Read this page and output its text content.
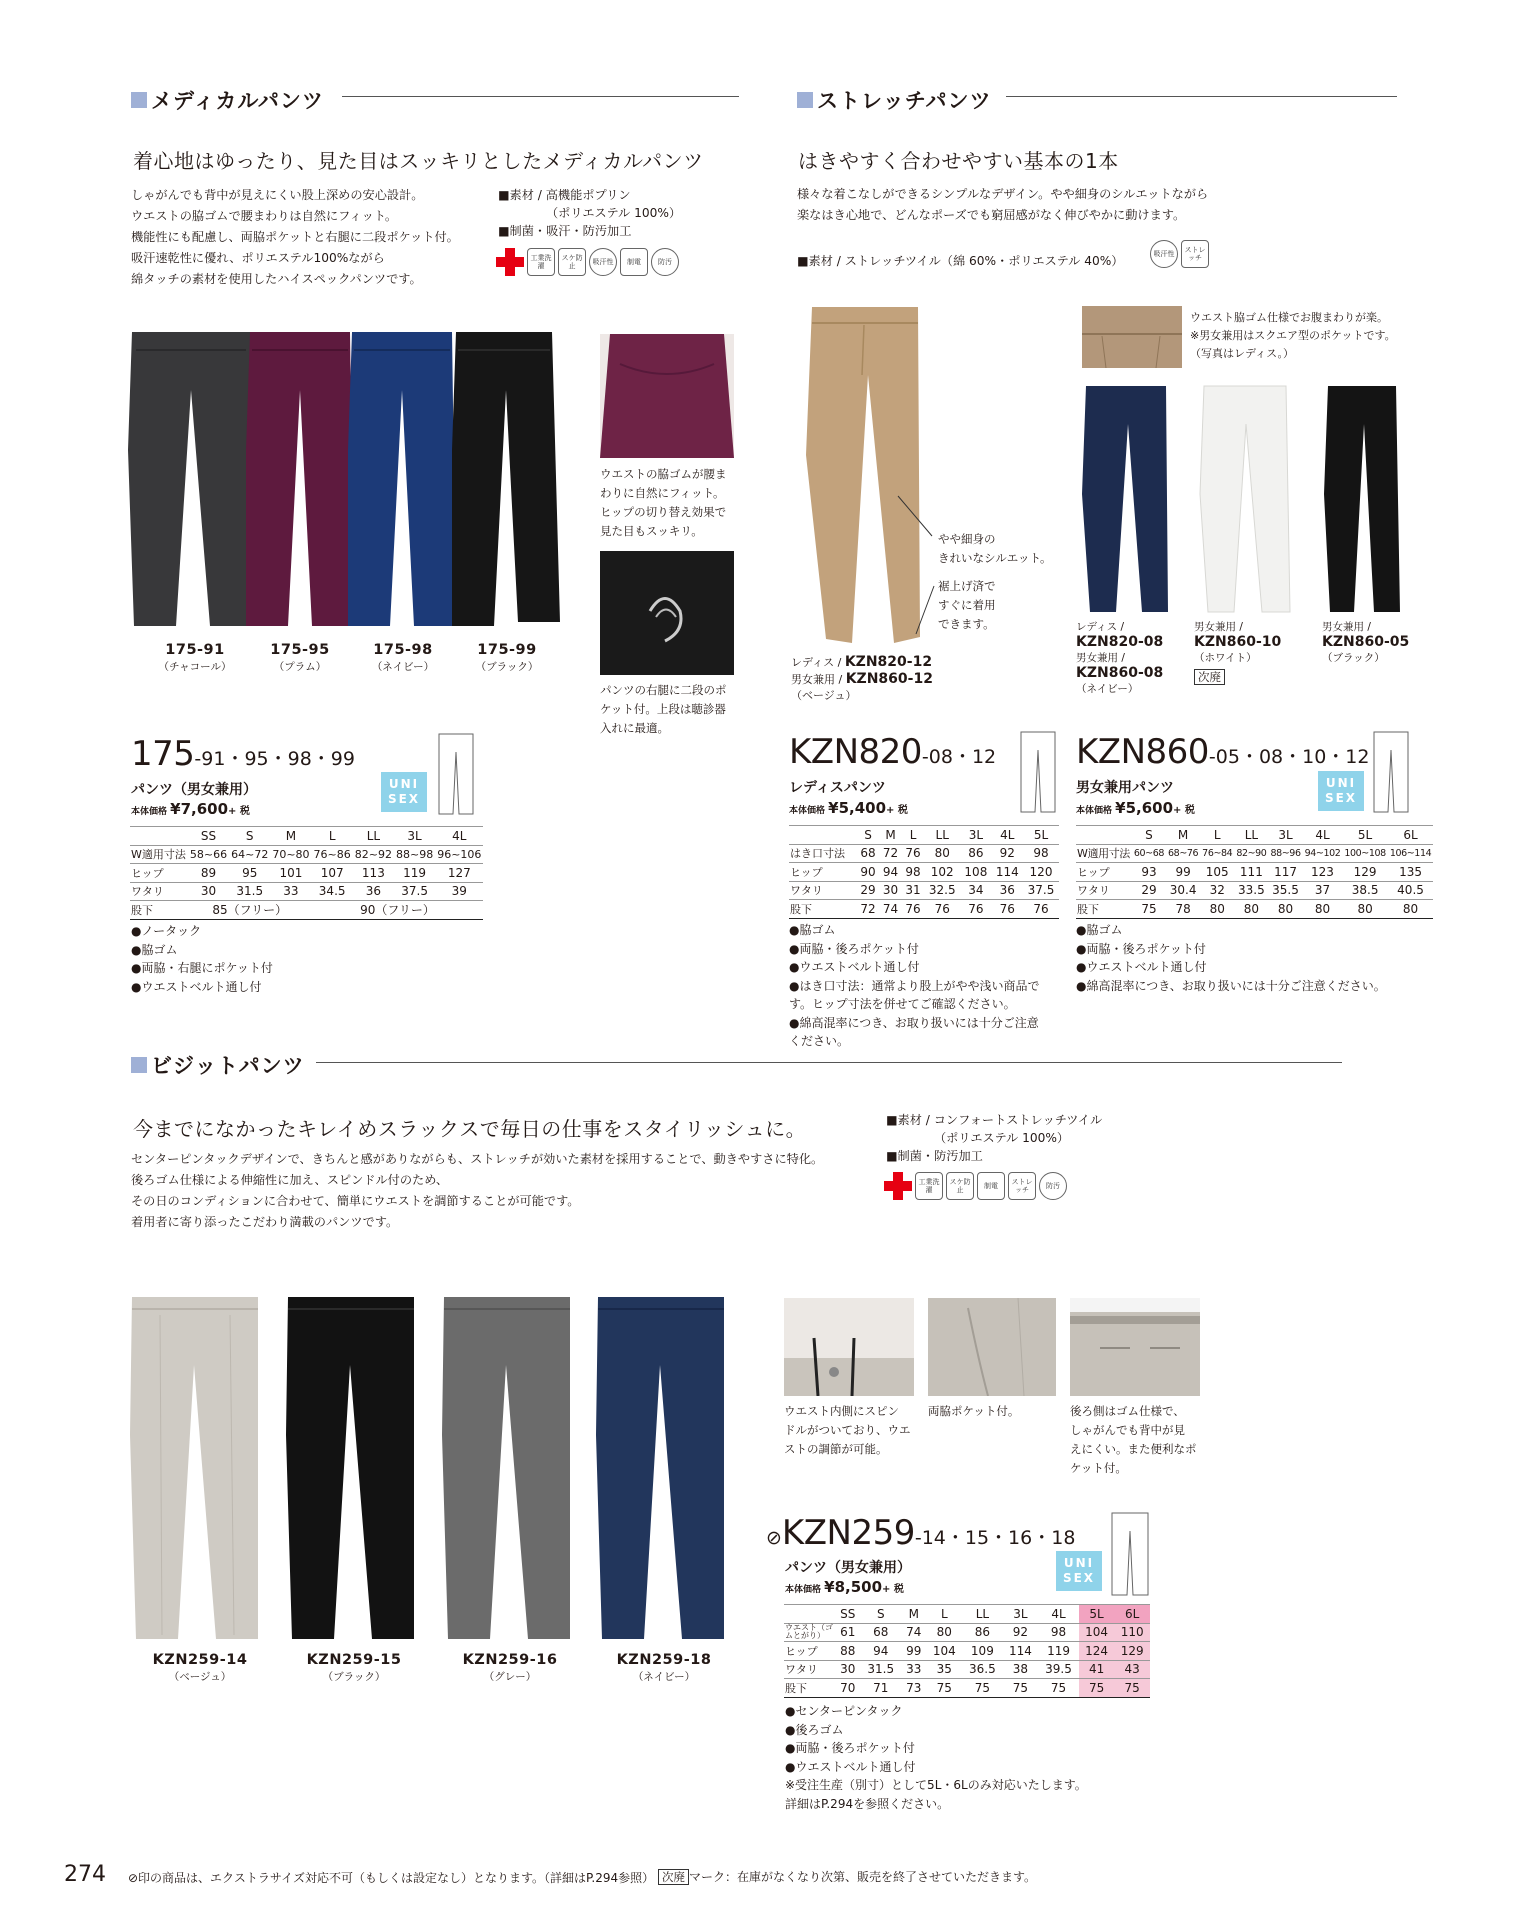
メディカルパンツ
着心地はゆったり、見た目はスッキリとしたメディカルパンツ
しゃがんでも背中が見えにくい股上深めの安心設計。
ウエストの脇ゴムで腰まわりは自然にフィット。
機能性にも配慮し、両脇ポケットと右腿に二段ポケット付。
吸汗速乾性に優れ、ポリエステル100%ながら
綿タッチの素材を使用したハイスペックパンツです。
■素材 / 高機能ポプリン
（ポリエステル 100%）
■制菌・吸汗・防汚加工
工業洗濯
スケ防止	吸汗性	制電	防汚
175-91
（チャコール）
175-95
（プラム）
175-98
（ネイビー）
175-99
（ブラック）
ウエストの脇ゴムが腰ま
わりに自然にフィット。
ヒップの切り替え効果で
見た目もスッキリ。
パンツの右腿に二段のポ
ケット付。上段は聴診器
入れに最適。
175-91・95・98・99
パンツ（男女兼用）
本体価格 ¥7,600+ 税
UNI
SEX
	SS	S	M	L	LL	3L	4L
W適用寸法	58~66	64~72	70~80	76~86	82~92	88~98	96~106
ヒップ	89	95	101	107	113	119	127
ワタリ	30	31.5	33	34.5	36	37.5	39
股下	85（フリー）			90（フリー）			
●ノータック
●脇ゴム
●両脇・右腿にポケット付
●ウエストベルト通し付
ストレッチパンツ
はきやすく合わせやすい基本の1本
様々な着こなしができるシンプルなデザイン。やや細身のシルエットながら
楽なはき心地で、どんなポーズでも窮屈感がなく伸びやかに動けます。
■素材 / ストレッチツイル（綿 60%・ポリエステル 40%）	吸汗性	ストレッチ
やや細身の
きれいなシルエット。
裾上げ済で
すぐに着用
できます。
レディス / KZN820-12
男女兼用 / KZN860-12
（ベージュ）
ウエスト脇ゴム仕様でお腹まわりが楽。
※男女兼用はスクエア型のポケットです。
（写真はレディス。）
レディス /
KZN820-08
男女兼用 /
KZN860-08
（ネイビー）
男女兼用 /
KZN860-10
（ホワイト）
次廃
男女兼用 /
KZN860-05
（ブラック）
KZN820-08・12
レディスパンツ
本体価格 ¥5,400+ 税
	S	M	L	LL	3L	4L	5L
はき口寸法	68	72	76	80	86	92	98
ヒップ	90	94	98	102	108	114	120
ワタリ	29	30	31	32.5	34	36	37.5
股下	72	74	76	76	76	76	76
●脇ゴム
●両脇・後ろポケット付
●ウエストベルト通し付
●はき口寸法：通常より股上がやや浅い商品で
す。ヒップ寸法を併せてご確認ください。
●綿高混率につき、お取り扱いには十分ご注意
ください。
KZN860-05・08・10・12
男女兼用パンツ
本体価格 ¥5,600+ 税
UNI
SEX
	S	M	L	LL	3L	4L	5L	6L
W適用寸法	60~68	68~76	76~84	82~90	88~96	94~102	100~108	106~114
ヒップ	93	99	105	111	117	123	129	135
ワタリ	29	30.4	32	33.5	35.5	37	38.5	40.5
股下	75	78	80	80	80	80	80	80
●脇ゴム
●両脇・後ろポケット付
●ウエストベルト通し付
●綿高混率につき、お取り扱いには十分ご注意ください。
ビジットパンツ
今までになかったキレイめスラックスで毎日の仕事をスタイリッシュに。
センターピンタックデザインで、きちんと感がありながらも、ストレッチが効いた素材を採用することで、動きやすさに特化。
後ろゴム仕様による伸縮性に加え、スピンドル付のため、
その日のコンディションに合わせて、簡単にウエストを調節することが可能です。
着用者に寄り添ったこだわり満載のパンツです。
■素材 / コンフォートストレッチツイル
（ポリエステル 100%）
■制菌・防汚加工
工業洗濯
スケ防止	制電	ストレッチ	防汚
KZN259-14
（ベージュ）
KZN259-15
（ブラック）
KZN259-16
（グレー）
KZN259-18
（ネイビー）
ウエスト内側にスピン
ドルがついており、ウエ
ストの調節が可能。
両脇ポケット付。	後ろ側はゴム仕様で、
しゃがんでも背中が見
えにくい。また便利なポ
ケット付。
⊘KZN259-14・15・16・18
パンツ（男女兼用）
本体価格 ¥8,500+ 税
UNI
SEX
	SS	S	M	L	LL	3L	4L	5L	6L
ウエスト（ゴムとがり）	61	68	74	80	86	92	98	104	110
ヒップ	88	94	99	104	109	114	119	124	129
ワタリ	30	31.5	33	35	36.5	38	39.5	41	43
股下	70	71	73	75	75	75	75	75	75
●センターピンタック
●後ろゴム
●両脇・後ろポケット付
●ウエストベルト通し付
※受注生産（別寸）として5L・6Lのみ対応いたします。
詳細はP.294を参照ください。
274 ⊘印の商品は、エクストラサイズ対応不可（もしくは設定なし）となります。（詳細はP.294参照） 次廃 マーク：在庫がなくなり次第、販売を終了させていただきます。
